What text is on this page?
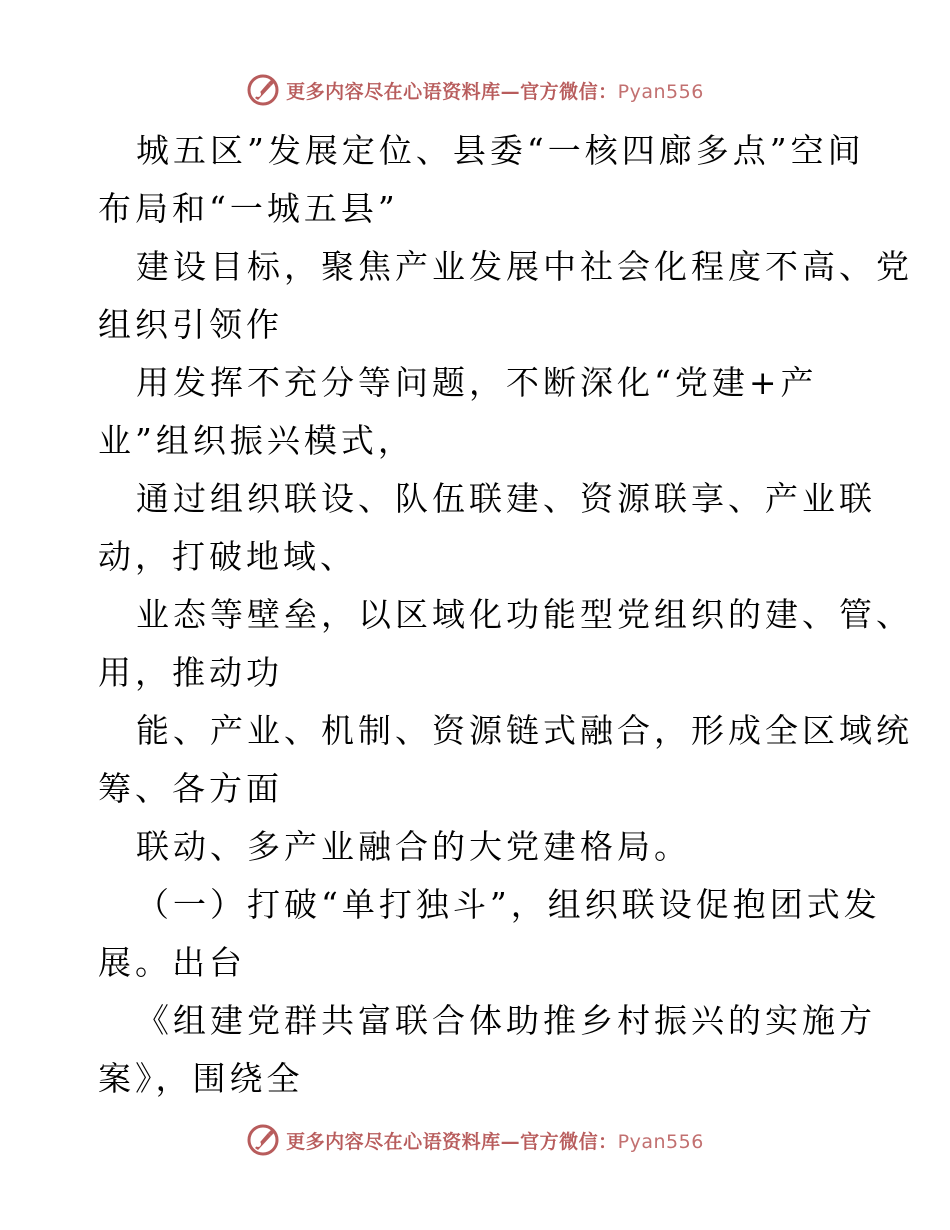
更多内容尽在心语资料库—官方微信：Pyan556
城五区”发展定位、县委“一核四廊多点”空间
布局和“一城五县”
建设目标，聚焦产业发展中社会化程度不高、党
组织引领作
用发挥不充分等问题，不断深化“党建+产
业”组织振兴模式，
通过组织联设、队伍联建、资源联享、产业联
动，打破地域、
业态等壁垒，以区域化功能型党组织的建、管、
用，推动功
能、产业、机制、资源链式融合，形成全区域统
筹、各方面
联动、多产业融合的大党建格局。
（一）打破“单打独斗”，组织联设促抱团式发
展。出台
《组建党群共富联合体助推乡村振兴的实施方
案》，围绕全
更多内容尽在心语资料库—官方微信：Pyan556
